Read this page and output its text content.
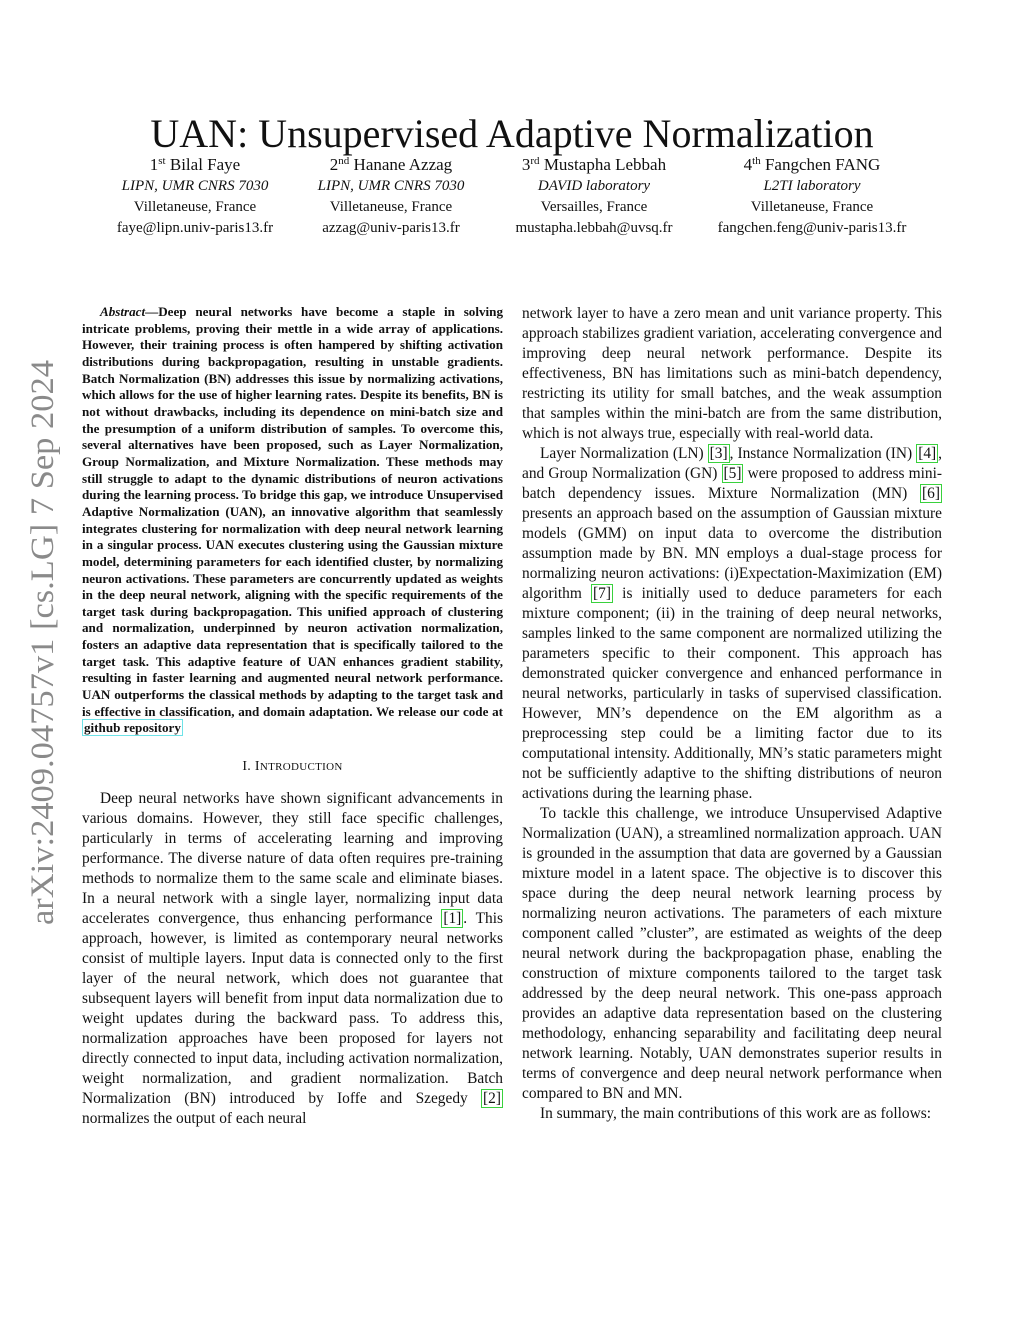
arXiv:2409.04757v1 [cs.LG] 7 Sep 2024
UAN: Unsupervised Adaptive Normalization
1st Bilal Faye
LIPN, UMR CNRS 7030
Villetaneuse, France
faye@lipn.univ-paris13.fr
2nd Hanane Azzag
LIPN, UMR CNRS 7030
Villetaneuse, France
azzag@univ-paris13.fr
3rd Mustapha Lebbah
DAVID laboratory
Versailles, France
mustapha.lebbah@uvsq.fr
4th Fangchen FANG
L2TI laboratory
Villetaneuse, France
fangchen.feng@univ-paris13.fr

Abstract—Deep neural networks have become a staple in solving intricate problems, proving their mettle in a wide array of applications. However, their training process is often hampered by shifting activation distributions during backpropagation, resulting in unstable gradients. Batch Normalization (BN) addresses this issue by normalizing activations, which allows for the use of higher learning rates. Despite its benefits, BN is not without drawbacks, including its dependence on mini-batch size and the presumption of a uniform distribution of samples. To overcome this, several alternatives have been proposed, such as Layer Normalization, Group Normalization, and Mixture Normalization. These methods may still struggle to adapt to the dynamic distributions of neuron activations during the learning process. To bridge this gap, we introduce Unsupervised Adaptive Normalization (UAN), an innovative algorithm that seamlessly integrates clustering for normalization with deep neural network learning in a singular process. UAN executes clustering using the Gaussian mixture model, determining parameters for each identified cluster, by normalizing neuron activations. These parameters are concurrently updated as weights in the deep neural network, aligning with the specific requirements of the target task during backpropagation. This unified approach of clustering and normalization, underpinned by neuron activation normalization, fosters an adaptive data representation that is specifically tailored to the target task. This adaptive feature of UAN enhances gradient stability, resulting in faster learning and augmented neural network performance. UAN outperforms the classical methods by adapting to the target task and is effective in classification, and domain adaptation. We release our code at github repository

I. INTRODUCTION

Deep neural networks have shown significant advancements in various domains. However, they still face specific challenges, particularly in terms of accelerating learning and improving performance. The diverse nature of data often requires pre-training methods to normalize them to the same scale and eliminate biases. In a neural network with a single layer, normalizing input data accelerates convergence, thus enhancing performance [1] . This approach, however, is limited as contemporary neural networks consist of multiple layers. Input data is connected only to the first layer of the neural network, which does not guarantee that subsequent layers will benefit from input data normalization due to weight updates during the backward pass. To address this, normalization approaches have been proposed for layers not directly connected to input data, including activation normalization, weight normalization, and gradient normalization. Batch Normalization (BN) introduced by Ioffe and Szegedy [2] normalizes the output of each neural

network layer to have a zero mean and unit variance property. This approach stabilizes gradient variation, accelerating convergence and improving deep neural network performance. Despite its effectiveness, BN has limitations such as mini-batch dependency, restricting its utility for small batches, and the weak assumption that samples within the mini-batch are from the same distribution, which is not always true, especially with real-world data.

Layer Normalization (LN) [3] , Instance Normalization (IN) [4] , and Group Normalization (GN) [5] were proposed to address mini-batch dependency issues. Mixture Normalization (MN) [6] presents an approach based on the assumption of Gaussian mixture models (GMM) on input data to overcome the distribution assumption made by BN. MN employs a dual-stage process for normalizing neuron activations: (i)Expectation-Maximization (EM) algorithm [7] is initially used to deduce parameters for each mixture component; (ii) in the training of deep neural networks, samples linked to the same component are normalized utilizing the parameters specific to their component. This approach has demonstrated quicker convergence and enhanced performance in neural networks, particularly in tasks of supervised classification. However, MN’s dependence on the EM algorithm as a preprocessing step could be a limiting factor due to its computational intensity. Additionally, MN’s static parameters might not be sufficiently adaptive to the shifting distributions of neuron activations during the learning phase.

To tackle this challenge, we introduce Unsupervised Adaptive Normalization (UAN), a streamlined normalization approach. UAN is grounded in the assumption that data are governed by a Gaussian mixture model in a latent space. The objective is to discover this space during the deep neural network learning process by normalizing neuron activations. The parameters of each mixture component called ”cluster”, are estimated as weights of the deep neural network during the backpropagation phase, enabling the construction of mixture components tailored to the target task addressed by the deep neural network. This one-pass approach provides an adaptive data representation based on the clustering methodology, enhancing separability and facilitating deep neural network learning. Notably, UAN demonstrates superior results in terms of convergence and deep neural network performance when compared to BN and MN.

In summary, the main contributions of this work are as follows:
